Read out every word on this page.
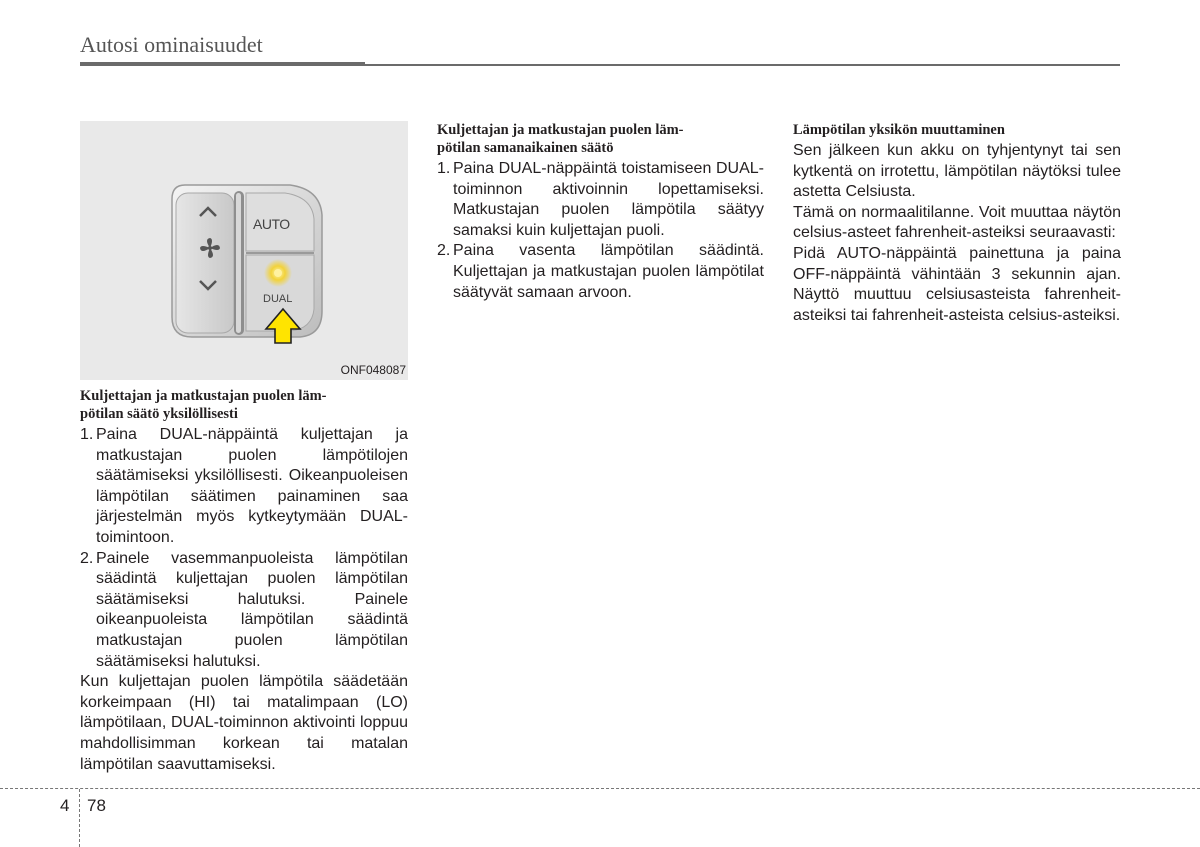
Autosi ominaisuudet
AUTO
DUAL
ONF048087
Kuljettajan ja matkustajan puolen läm-
pötilan säätö yksilöllisesti
1. Paina DUAL-näppäintä kuljettajan ja matkustajan puolen lämpötilojen säätämiseksi yksilöllisesti. Oikeanpuoleisen lämpötilan säätimen painaminen saa järjestelmän myös kytkeytymään DUAL-toimintoon.
2. Painele vasemmanpuoleista lämpötilan säädintä kuljettajan puolen lämpötilan säätämiseksi halutuksi. Painele oikeanpuoleista lämpötilan säädintä matkustajan puolen lämpötilan säätämiseksi halutuksi.

Kun kuljettajan puolen lämpötila säädetään korkeimpaan (HI) tai matalimpaan (LO) lämpötilaan, DUAL-toiminnon aktivointi loppuu mahdollisimman korkean tai matalan lämpötilan saavuttamiseksi.

Kuljettajan ja matkustajan puolen läm-
pötilan samanaikainen säätö
1. Paina DUAL-näppäintä toistamiseen DUAL-toiminnon aktivoinnin lopettamiseksi. Matkustajan puolen lämpötila säätyy samaksi kuin kuljettajan puoli.
2. Paina vasenta lämpötilan säädintä. Kuljettajan ja matkustajan puolen lämpötilat säätyvät samaan arvoon.
Lämpötilan yksikön muuttaminen

Sen jälkeen kun akku on tyhjentynyt tai sen kytkentä on irrotettu, lämpötilan näytöksi tulee astetta Celsiusta.

Tämä on normaalitilanne. Voit muuttaa näytön celsius-asteet fahrenheit-asteiksi seuraavasti:

Pidä AUTO-näppäintä painettuna ja paina OFF-näppäintä vähintään 3 sekunnin ajan. Näyttö muuttuu celsiusasteista fahrenheit-asteiksi tai fahrenheit-asteista celsius-asteiksi.

4 78
